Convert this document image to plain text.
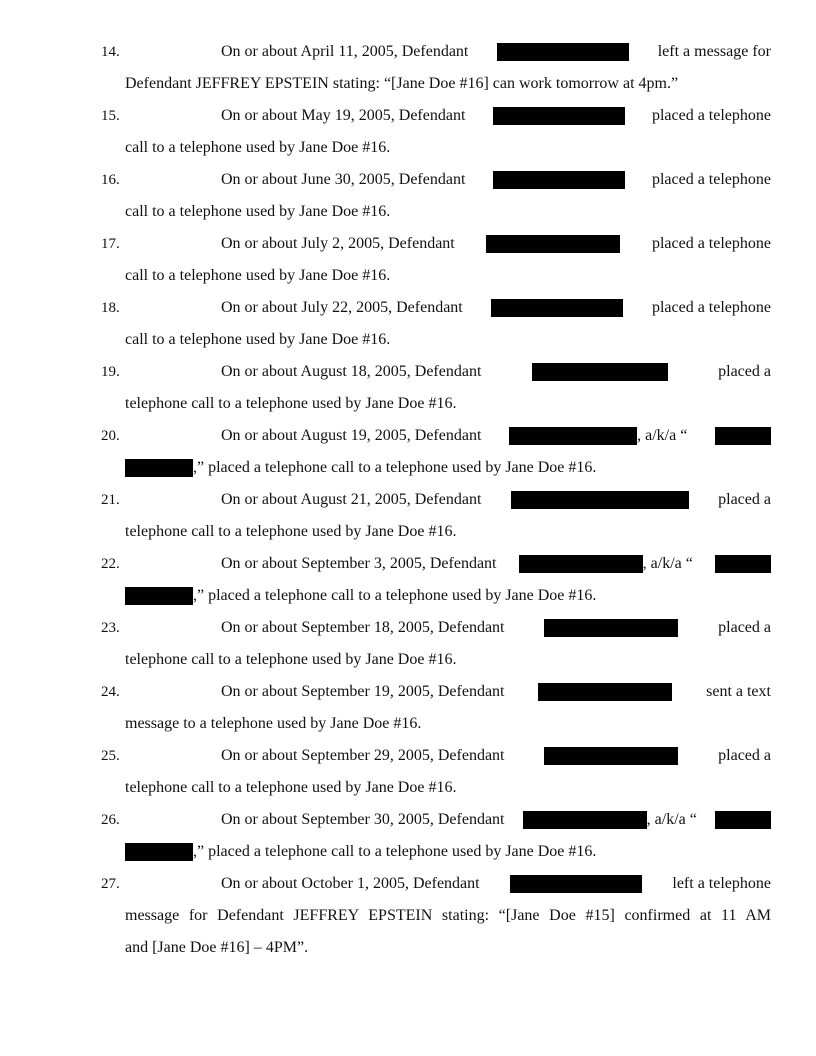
14.	On or about April 11, 2005, Defendant	left a message for
Defendant JEFFREY EPSTEIN stating: “[Jane Doe #16] can work tomorrow at 4pm.”
15.	On or about May 19, 2005, Defendant	placed a telephone
call to a telephone used by Jane Doe #16.
16.	On or about June 30, 2005, Defendant	placed a telephone
call to a telephone used by Jane Doe #16.
17.	On or about July 2, 2005, Defendant	placed a telephone
call to a telephone used by Jane Doe #16.
18.	On or about July 22, 2005, Defendant	placed a telephone
call to a telephone used by Jane Doe #16.
19.	On or about August 18, 2005, Defendant	placed a
telephone call to a telephone used by Jane Doe #16.
20.	On or about August 19, 2005, Defendant	, a/k/a “
,” placed a telephone call to a telephone used by Jane Doe #16.
21.	On or about August 21, 2005, Defendant	placed a
telephone call to a telephone used by Jane Doe #16.
22.	On or about September 3, 2005, Defendant	, a/k/a “
,” placed a telephone call to a telephone used by Jane Doe #16.
23.	On or about September 18, 2005, Defendant	placed a
telephone call to a telephone used by Jane Doe #16.
24.	On or about September 19, 2005, Defendant	sent a text
message to a telephone used by Jane Doe #16.
25.	On or about September 29, 2005, Defendant	placed a
telephone call to a telephone used by Jane Doe #16.
26.	On or about September 30, 2005, Defendant	, a/k/a “
,” placed a telephone call to a telephone used by Jane Doe #16.
27.	On or about October 1, 2005, Defendant	left a telephone
message for Defendant JEFFREY EPSTEIN stating: “[Jane Doe #15] confirmed at 11 AM
and [Jane Doe #16] – 4PM”.
